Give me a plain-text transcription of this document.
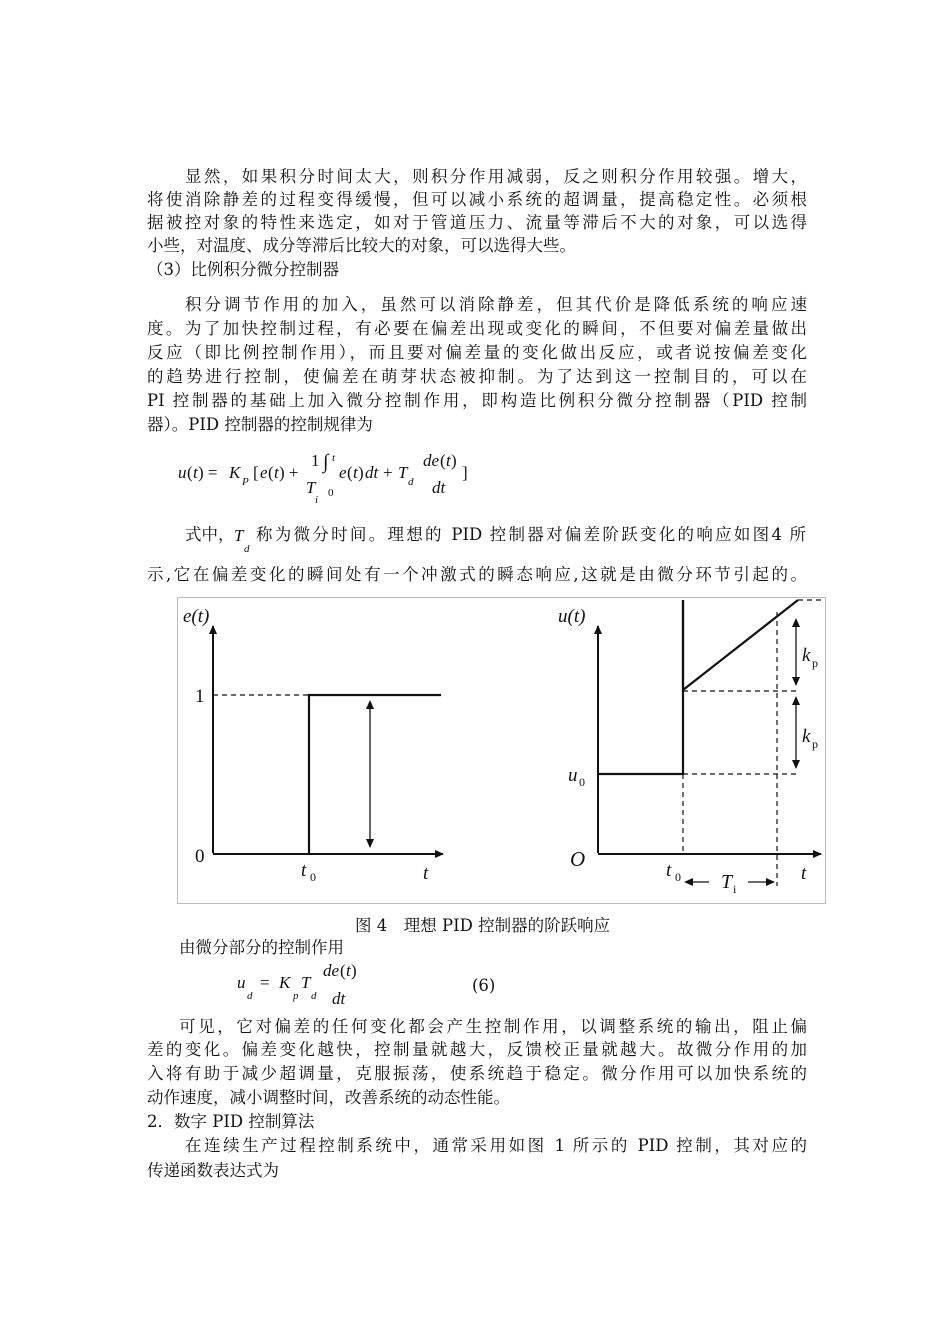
显然，如果积分时间太大，则积分作用减弱，反之则积分作用较强。增大，
将使消除静差的过程变得缓慢，但可以减小系统的超调量，提高稳定性。必须根
据被控对象的特性来选定，如对于管道压力、流量等滞后不大的对象，可以选得
小些，对温度、成分等滞后比较大的对象，可以选得大些。
（3）比例积分微分控制器
积分调节作用的加入，虽然可以消除静差，但其代价是降低系统的响应速
度。为了加快控制过程，有必要在偏差出现或变化的瞬间，不但要对偏差量做出
反应（即比例控制作用），而且要对偏差量的变化做出反应，或者说按偏差变化
的趋势进行控制，使偏差在萌芽状态被抑制。为了达到这一控制目的，可以在
PI 控制器的基础上加入微分控制作用，即构造比例积分微分控制器（PID 控制
器）。PID 控制器的控制规律为
u ( t ) = K P [ e ( t ) +
1
T
i
∫ t
0
e ( t ) dt + T d
de ( t )
dt
]
式中， T
d
称为微分时间。理想的 PID 控制器对偏差阶跃变化的响应如图4 所
示,它在偏差变化的瞬间处有一个冲激式的瞬态响应,这就是由微分环节引起的。
e(t)
1
0
t 0	t
u(t)
u 0
O
k p
k p
t 0 T i
t
图 4　理想 PID 控制器的阶跃响应
由微分部分的控制作用
u
d
= K
p
T
d
de ( t )
dt
(6)
可见，它对偏差的任何变化都会产生控制作用，以调整系统的输出，阻止偏
差的变化。偏差变化越快，控制量就越大，反馈校正量就越大。故微分作用的加
入将有助于减少超调量，克服振荡，使系统趋于稳定。微分作用可以加快系统的
动作速度，减小调整时间，改善系统的动态性能。
2．数字 PID 控制算法
在连续生产过程控制系统中，通常采用如图 1 所示的 PID 控制，其对应的
传递函数表达式为
